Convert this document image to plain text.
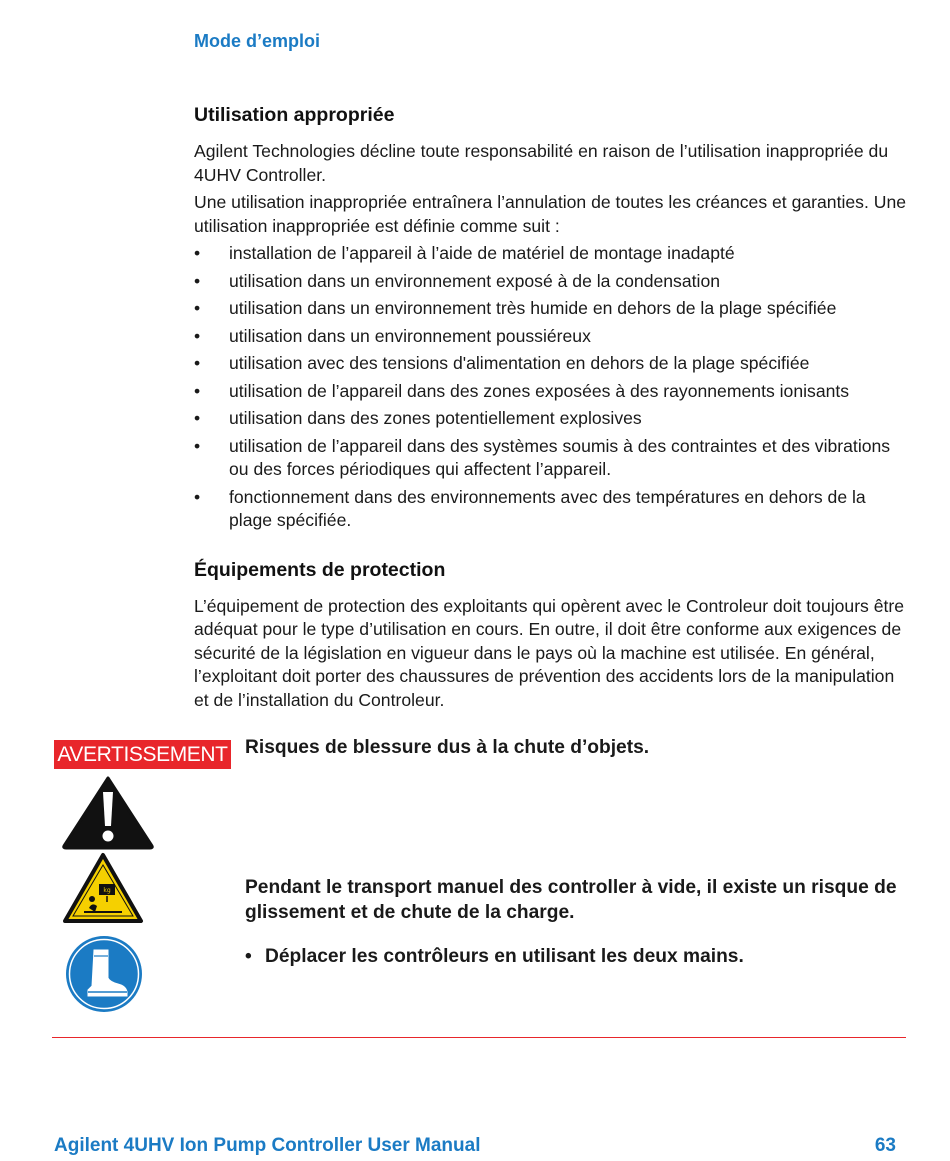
Mode d’emploi
Utilisation appropriée

Agilent Technologies décline toute responsabilité en raison de l’utilisation inappropriée du 4UHV Controller.

Une utilisation inappropriée entraînera l’annulation de toutes les créances et garanties. Une utilisation inappropriée est définie comme suit :

• installation de l’appareil à l’aide de matériel de montage inadapté
• utilisation dans un environnement exposé à de la condensation
• utilisation dans un environnement très humide en dehors de la plage spécifiée
• utilisation dans un environnement poussiéreux
• utilisation avec des tensions d'alimentation en dehors de la plage spécifiée
• utilisation de l’appareil dans des zones exposées à des rayonnements ionisants
• utilisation dans des zones potentiellement explosives
• utilisation de l’appareil dans des systèmes soumis à des contraintes et des vibrations ou des forces périodiques qui affectent l’appareil.
• fonctionnement dans des environnements avec des températures en dehors de la plage spécifiée.
Équipements de protection

L’équipement de protection des exploitants qui opèrent avec le Controleur doit toujours être adéquat pour le type d’utilisation en cours. En outre, il doit être conforme aux exigences de sécurité de la législation en vigueur dans le pays où la machine est utilisée. En général, l’exploitant doit porter des chaussures de prévention des accidents lors de la manipulation et de l’installation du Controleur.

AVERTISSEMENT Risques de blessure dus à la chute d’objets.
kg	Pendant le transport manuel des controller à vide, il existe un risque de glissement et de chute de la charge.
• Déplacer les contrôleurs en utilisant les deux mains.
Agilent 4UHV Ion Pump Controller User Manual	63
